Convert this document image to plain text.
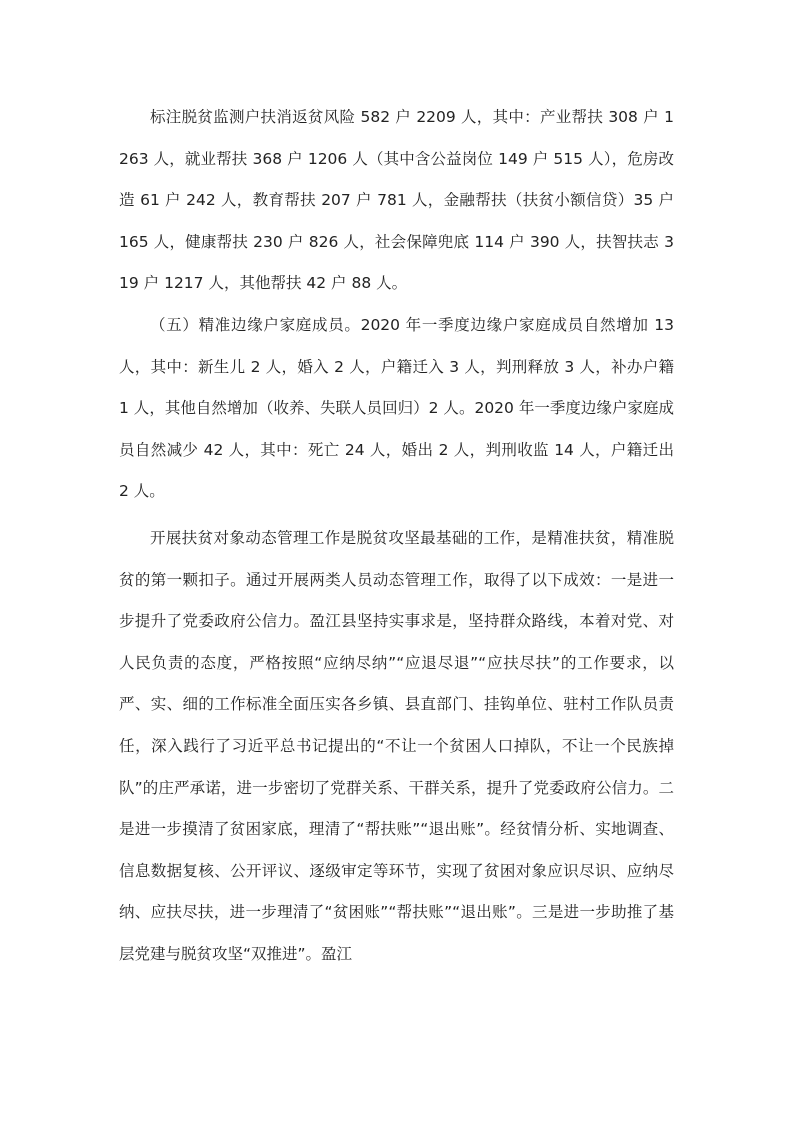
标注脱贫监测户扶消返贫风险 582 户 2209 人，其中：产业帮扶 308 户 1263 人，就业帮扶 368 户 1206 人（其中含公益岗位 149 户 515 人），危房改造 61 户 242 人，教育帮扶 207 户 781 人，金融帮扶（扶贫小额信贷）35 户 165 人，健康帮扶 230 户 826 人，社会保障兜底 114 户 390 人，扶智扶志 319 户 1217 人，其他帮扶 42 户 88 人。

（五）精准边缘户家庭成员。2020 年一季度边缘户家庭成员自然增加 13 人，其中：新生儿 2 人，婚入 2 人，户籍迁入 3 人，判刑释放 3 人，补办户籍 1 人，其他自然增加（收养、失联人员回归）2 人。2020 年一季度边缘户家庭成员自然减少 42 人，其中：死亡 24 人，婚出 2 人，判刑收监 14 人，户籍迁出 2 人。

开展扶贫对象动态管理工作是脱贫攻坚最基础的工作，是精准扶贫，精准脱贫的第一颗扣子。通过开展两类人员动态管理工作，取得了以下成效：一是进一步提升了党委政府公信力。盈江县坚持实事求是，坚持群众路线，本着对党、对人民负责的态度，严格按照“应纳尽纳”“应退尽退”“应扶尽扶”的工作要求，以严、实、细的工作标准全面压实各乡镇、县直部门、挂钩单位、驻村工作队员责任，深入践行了习近平总书记提出的“不让一个贫困人口掉队，不让一个民族掉队”的庄严承诺，进一步密切了党群关系、干群关系，提升了党委政府公信力。二是进一步摸清了贫困家底，理清了“帮扶账”“退出账”。经贫情分析、实地调查、信息数据复核、公开评议、逐级审定等环节，实现了贫困对象应识尽识、应纳尽纳、应扶尽扶，进一步理清了“贫困账”“帮扶账”“退出账”。三是进一步助推了基层党建与脱贫攻坚“双推进”。盈江
